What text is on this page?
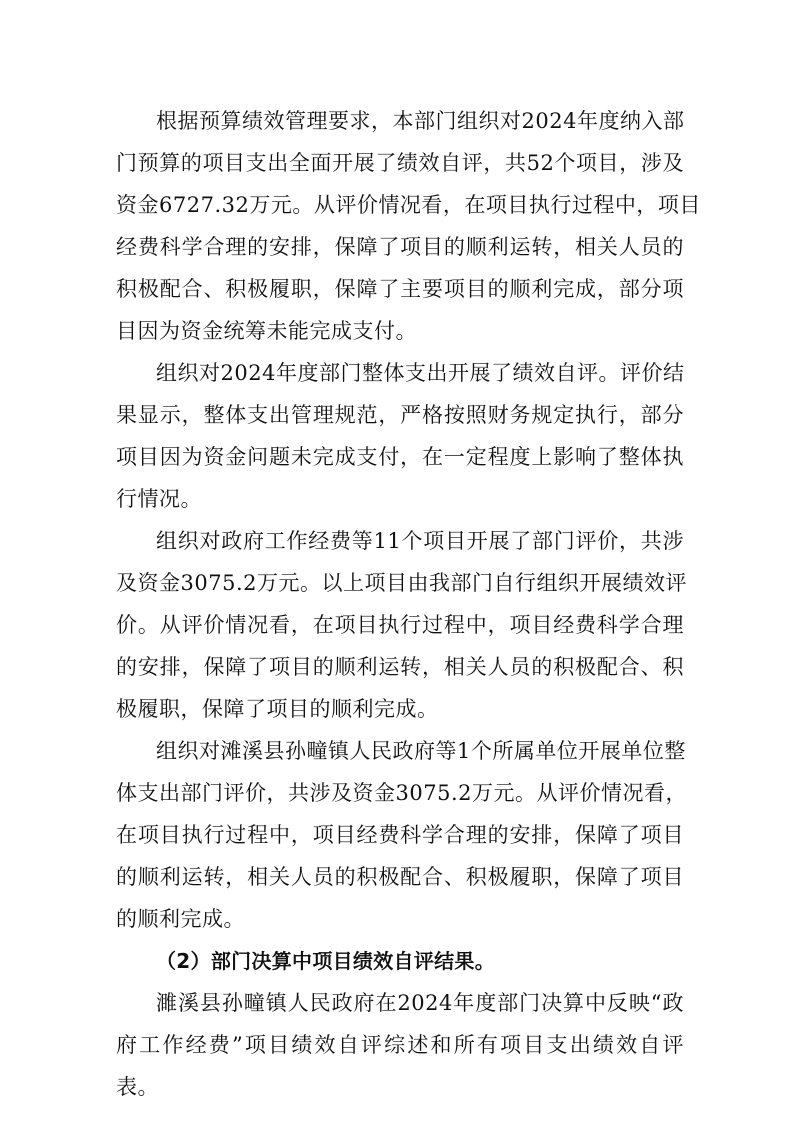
根据预算绩效管理要求，本部门组织对2024年度纳入部
门预算的项目支出全面开展了绩效自评，共52个项目，涉及
资金6727.32万元。从评价情况看，在项目执行过程中，项目
经费科学合理的安排，保障了项目的顺利运转，相关人员的
积极配合、积极履职，保障了主要项目的顺利完成，部分项
目因为资金统筹未能完成支付。
组织对2024年度部门整体支出开展了绩效自评。评价结
果显示，整体支出管理规范，严格按照财务规定执行，部分
项目因为资金问题未完成支付，在一定程度上影响了整体执
行情况。
组织对政府工作经费等11个项目开展了部门评价，共涉
及资金3075.2万元。以上项目由我部门自行组织开展绩效评
价。从评价情况看，在项目执行过程中，项目经费科学合理
的安排，保障了项目的顺利运转，相关人员的积极配合、积
极履职，保障了项目的顺利完成。
组织对滩溪县孙疃镇人民政府等1个所属单位开展单位整
体支出部门评价，共涉及资金3075.2万元。从评价情况看，
在项目执行过程中，项目经费科学合理的安排，保障了项目
的顺利运转，相关人员的积极配合、积极履职，保障了项目
的顺利完成。
（2）部门决算中项目绩效自评结果。
濉溪县孙疃镇人民政府在2024年度部门决算中反映“政
府工作经费”项目绩效自评综述和所有项目支出绩效自评
表。
